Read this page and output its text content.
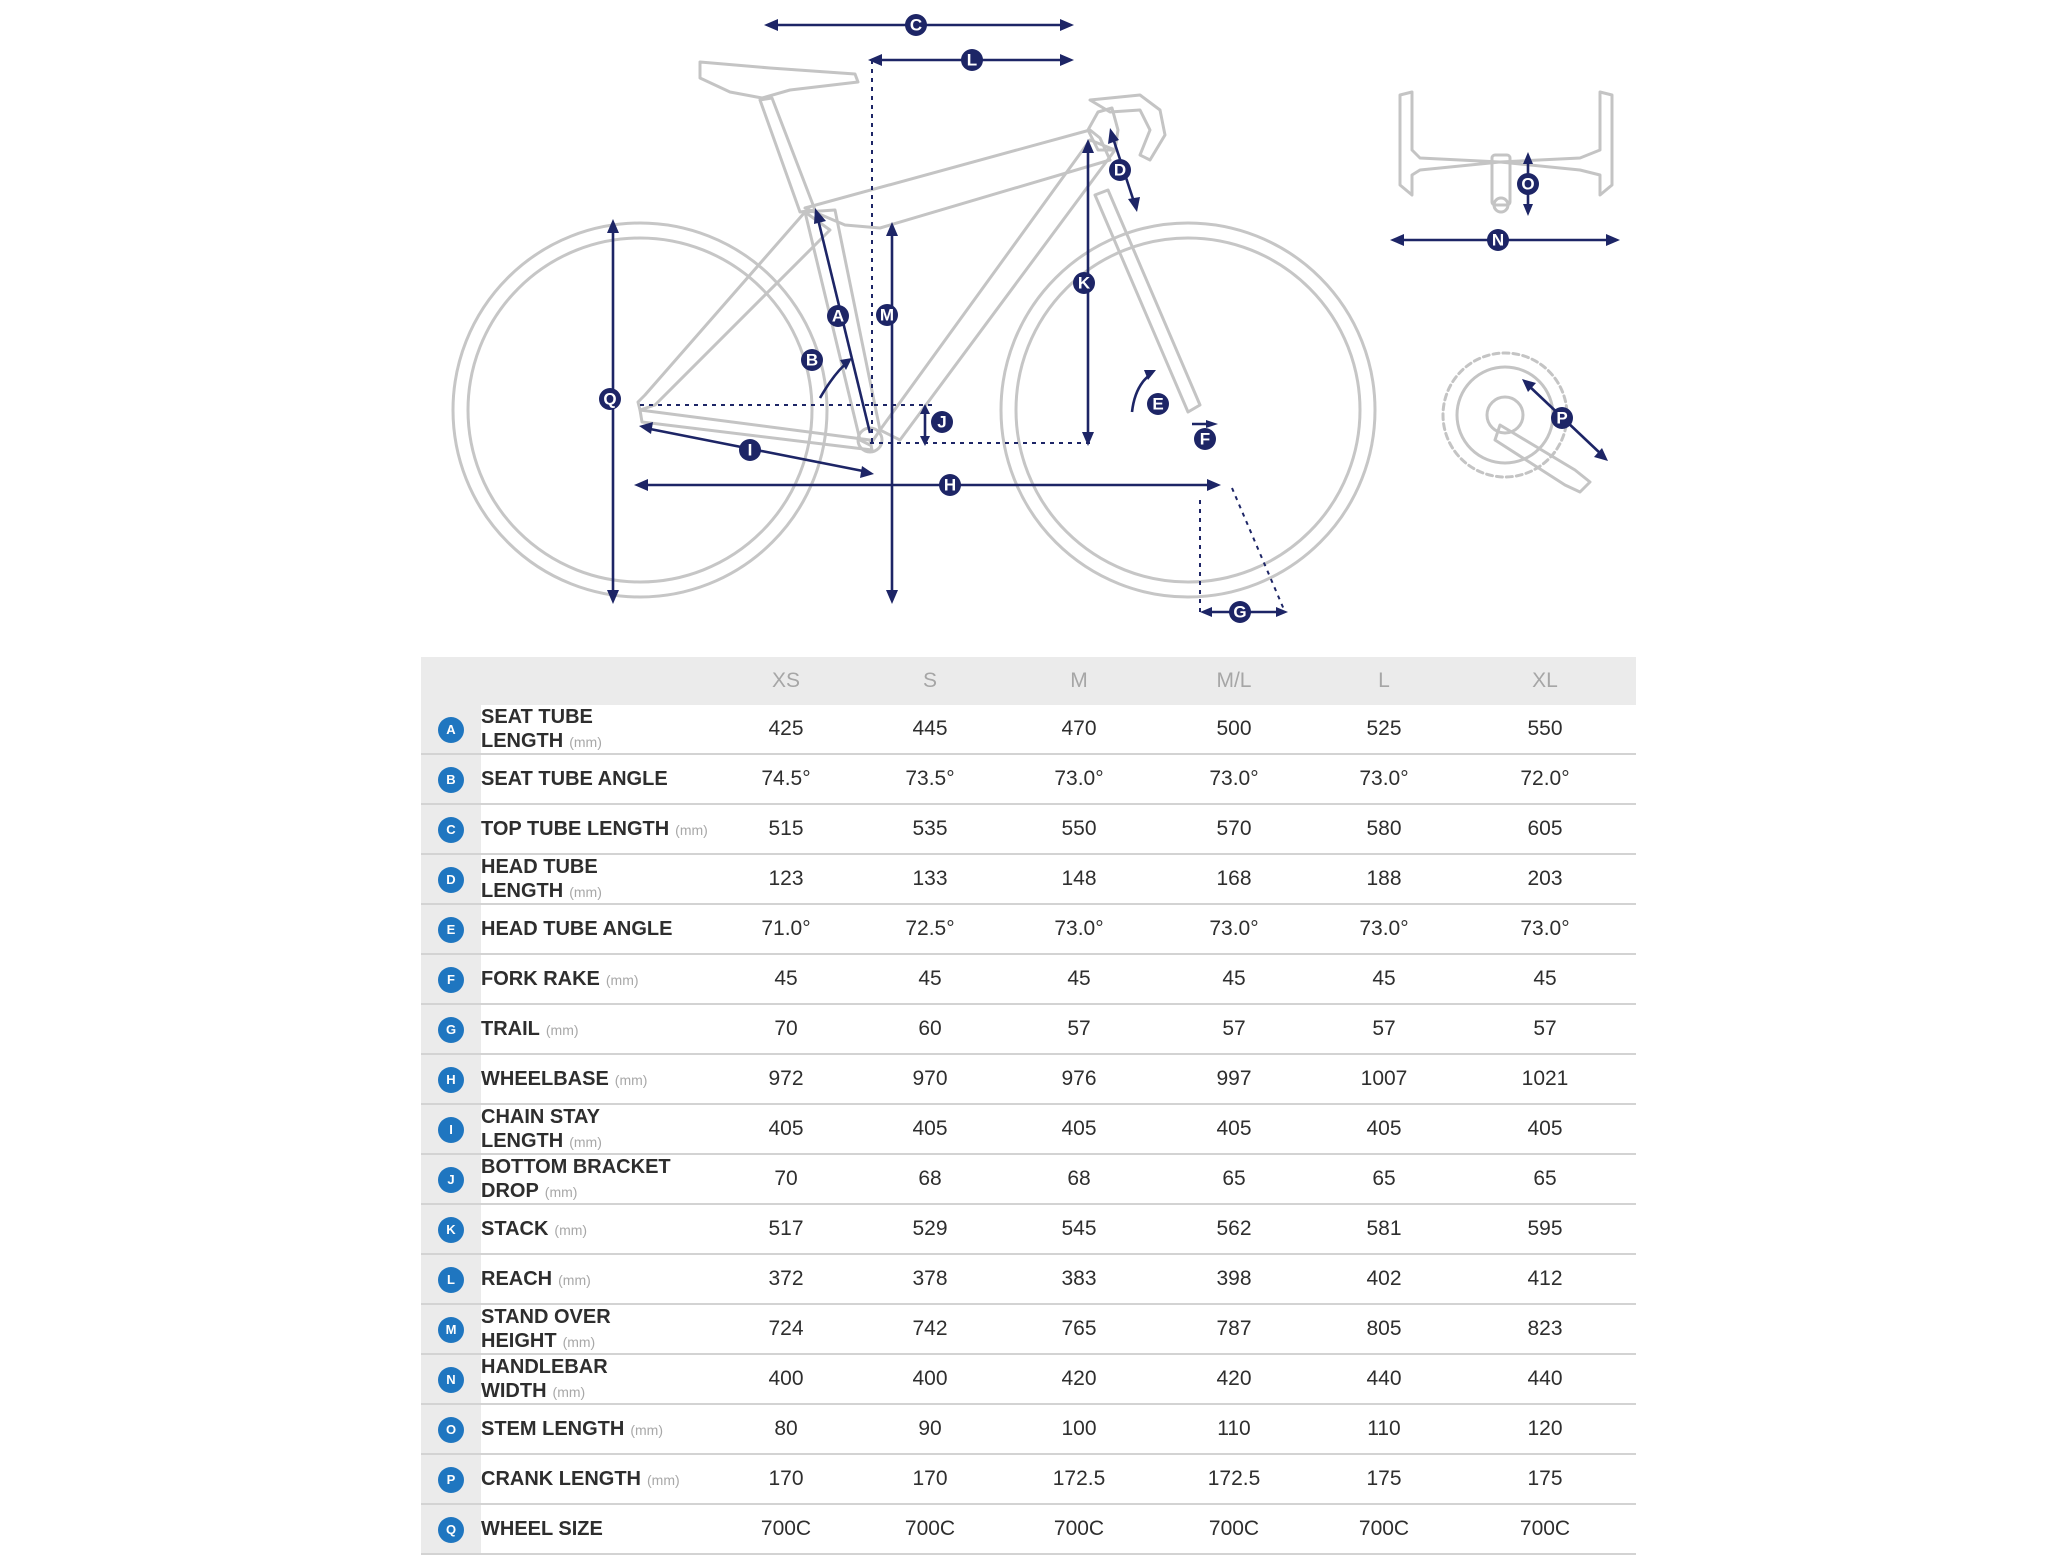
A
B
C
D
E
F
G
H
I
J
K
L
M
N
O
P
Q
		XS	S	M	M/L	L	XL
A	SEAT TUBE LENGTH (mm)	425	445	470	500	525	550
B	SEAT TUBE ANGLE	74.5°	73.5°	73.0°	73.0°	73.0°	72.0°
C	TOP TUBE LENGTH (mm)	515	535	550	570	580	605
D	HEAD TUBE LENGTH (mm)	123	133	148	168	188	203
E	HEAD TUBE ANGLE	71.0°	72.5°	73.0°	73.0°	73.0°	73.0°
F	FORK RAKE (mm)	45	45	45	45	45	45
G	TRAIL (mm)	70	60	57	57	57	57
H	WHEELBASE (mm)	972	970	976	997	1007	1021
I	CHAIN STAY LENGTH (mm)	405	405	405	405	405	405
J	BOTTOM BRACKET DROP (mm)	70	68	68	65	65	65
K	STACK (mm)	517	529	545	562	581	595
L	REACH (mm)	372	378	383	398	402	412
M	STAND OVER HEIGHT (mm)	724	742	765	787	805	823
N	HANDLEBAR WIDTH (mm)	400	400	420	420	440	440
O	STEM LENGTH (mm)	80	90	100	110	110	120
P	CRANK LENGTH (mm)	170	170	172.5	172.5	175	175
Q	WHEEL SIZE	700C	700C	700C	700C	700C	700C
